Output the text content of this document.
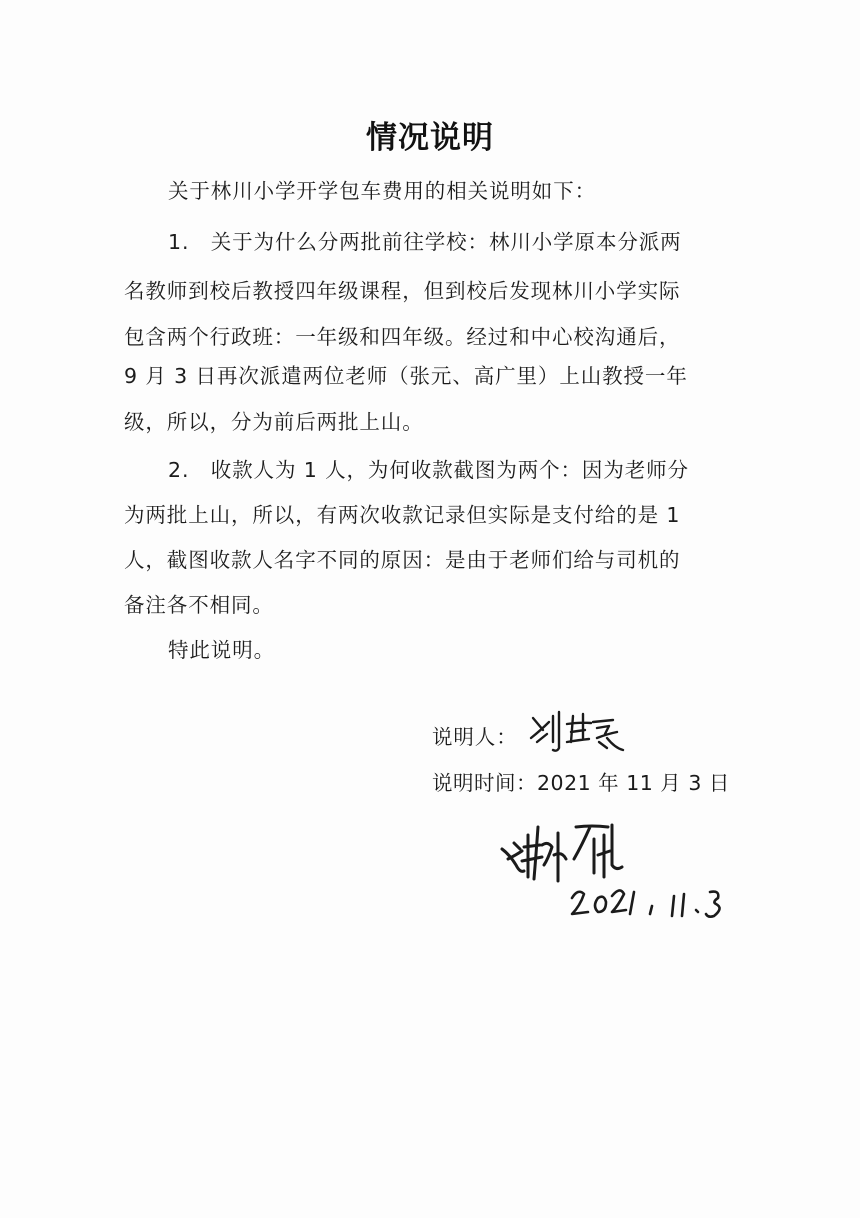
情况说明
关于林川小学开学包车费用的相关说明如下：
1.　关于为什么分两批前往学校：林川小学原本分派两
名教师到校后教授四年级课程，但到校后发现林川小学实际
包含两个行政班：一年级和四年级。经过和中心校沟通后，
9 月 3 日再次派遣两位老师（张元、高广里）上山教授一年
级，所以，分为前后两批上山。
2.　收款人为 1 人，为何收款截图为两个：因为老师分
为两批上山，所以，有两次收款记录但实际是支付给的是 1
人，截图收款人名字不同的原因：是由于老师们给与司机的
备注各不相同。
特此说明。
说明人：
说明时间：2021 年 11 月 3 日
